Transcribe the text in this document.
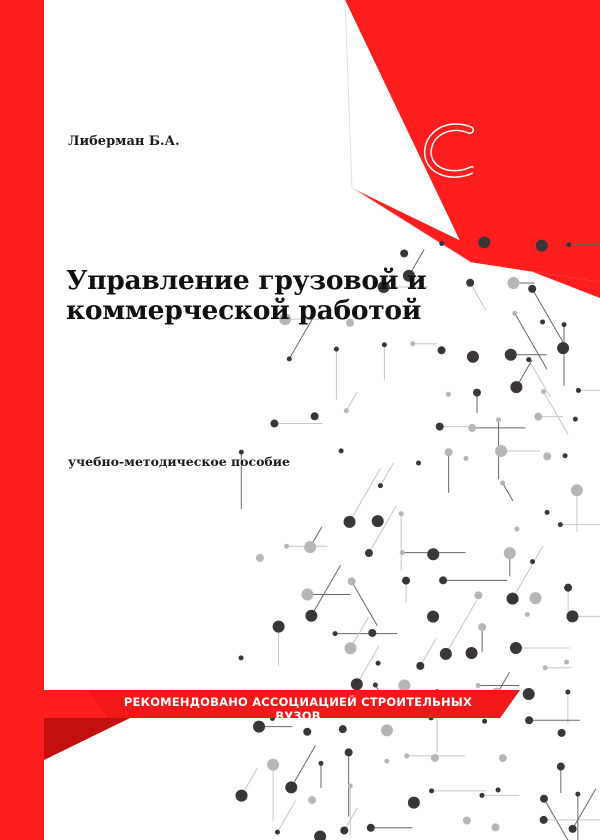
Либерман Б.А.
Управление грузовой и коммерческой работой
учебно-методическое пособие
РЕКОМЕНДОВАНО АССОЦИАЦИЕЙ СТРОИТЕЛЬНЫХ ВУЗОВ
